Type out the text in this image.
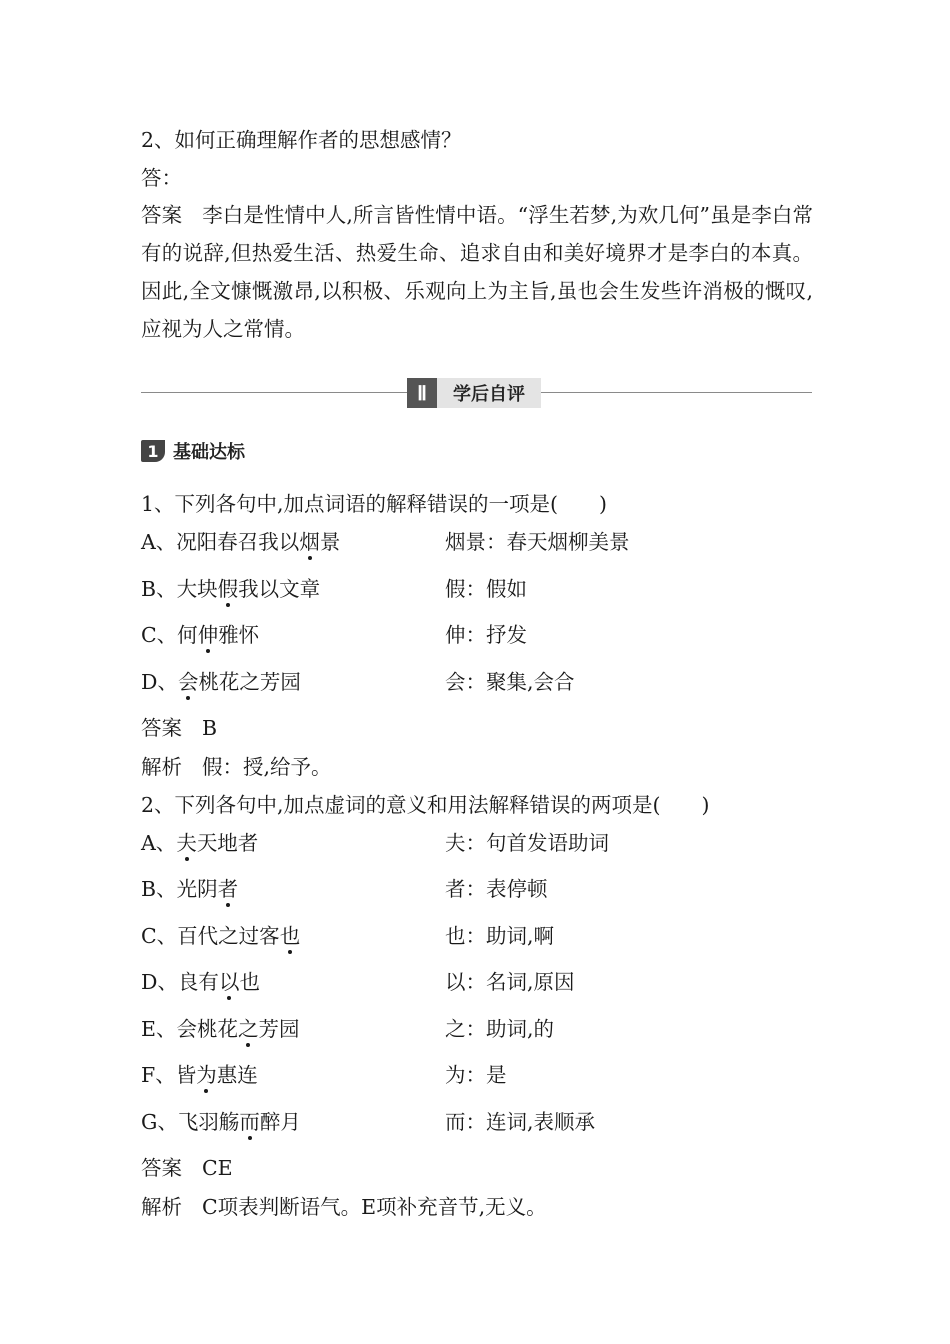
2、如何正确理解作者的思想感情？
答：
答案 李白是性情中人,所言皆性情中语。“浮生若梦,为欢几何”虽是李白常有的说辞,但热爱生活、热爱生命、追求自由和美好境界才是李白的本真。因此,全文慷慨激昂,以积极、乐观向上为主旨,虽也会生发些许消极的慨叹,应视为人之常情。
Ⅱ	学后自评
1 基础达标
1、下列各句中,加点词语的解释错误的一项是(　　)
A、况阳春召我以烟景	烟景：春天烟柳美景
B、大块假我以文章	假：假如
C、何伸雅怀	伸：抒发
D、会桃花之芳园	会：聚集,会合
答案 B
解析 假：授,给予。
2、下列各句中,加点虚词的意义和用法解释错误的两项是(　　)
A、夫天地者	夫：句首发语助词
B、光阴者	者：表停顿
C、百代之过客也	也：助词,啊
D、良有以也	以：名词,原因
E、会桃花之芳园	之：助词,的
F、皆为惠连	为：是
G、飞羽觞而醉月	而：连词,表顺承
答案 CE
解析 C项表判断语气。E项补充音节,无义。
